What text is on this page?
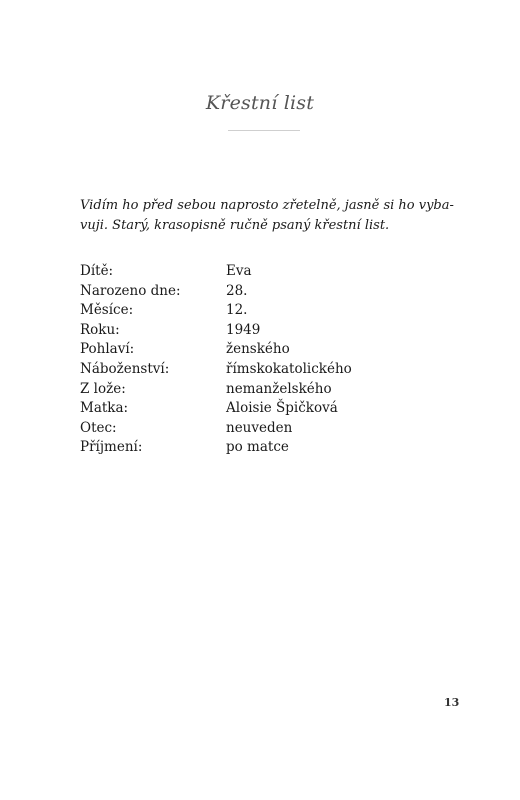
Křestní list
Vidím ho před sebou naprosto zřetelně, jasně si ho vyba-
vuji. Starý, krasopisně ručně psaný křestní list.
Dítě:	Eva
Narozeno dne:	28.
Měsíce:	12.
Roku:	1949
Pohlaví:	ženského
Náboženství:	římskokatolického
Z lože:	nemanželského
Matka:	Aloisie Špičková
Otec:	neuveden
Příjmení:	po matce
13
